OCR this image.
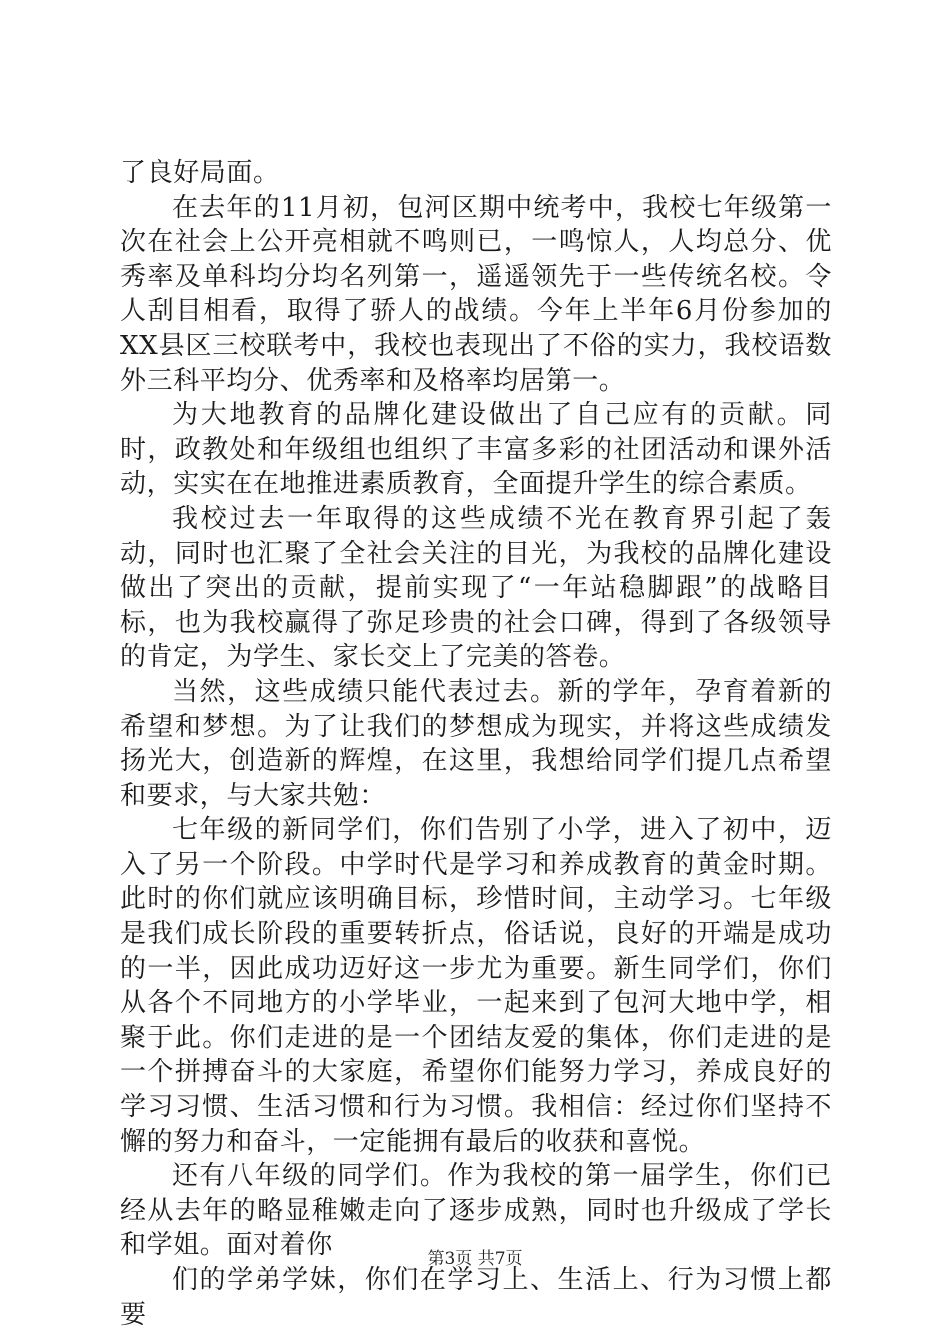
了良好局面。

在去年的11月初，包河区期中统考中，我校七年级第一次在社会上公开亮相就不鸣则已，一鸣惊人，人均总分、优秀率及单科均分均名列第一，遥遥领先于一些传统名校。令人刮目相看，取得了骄人的战绩。今年上半年6月份参加的XX县区三校联考中，我校也表现出了不俗的实力，我校语数外三科平均分、优秀率和及格率均居第一。

为大地教育的品牌化建设做出了自己应有的贡献。同时，政教处和年级组也组织了丰富多彩的社团活动和课外活动，实实在在地推进素质教育，全面提升学生的综合素质。

我校过去一年取得的这些成绩不光在教育界引起了轰动，同时也汇聚了全社会关注的目光，为我校的品牌化建设做出了突出的贡献，提前实现了“一年站稳脚跟”的战略目标，也为我校赢得了弥足珍贵的社会口碑，得到了各级领导的肯定，为学生、家长交上了完美的答卷。

当然，这些成绩只能代表过去。新的学年，孕育着新的希望和梦想。为了让我们的梦想成为现实，并将这些成绩发扬光大，创造新的辉煌，在这里，我想给同学们提几点希望和要求，与大家共勉：

七年级的新同学们，你们告别了小学，进入了初中，迈入了另一个阶段。中学时代是学习和养成教育的黄金时期。此时的你们就应该明确目标，珍惜时间，主动学习。七年级是我们成长阶段的重要转折点，俗话说，良好的开端是成功的一半，因此成功迈好这一步尤为重要。新生同学们，你们从各个不同地方的小学毕业，一起来到了包河大地中学，相聚于此。你们走进的是一个团结友爱的集体，你们走进的是一个拼搏奋斗的大家庭，希望你们能努力学习，养成良好的学习习惯、生活习惯和行为习惯。我相信：经过你们坚持不懈的努力和奋斗，一定能拥有最后的收获和喜悦。

还有八年级的同学们。作为我校的第一届学生，你们已经从去年的略显稚嫩走向了逐步成熟，同时也升级成了学长和学姐。面对着你

们的学弟学妹，你们在学习上、生活上、行为习惯上都要

第3页 共7页
